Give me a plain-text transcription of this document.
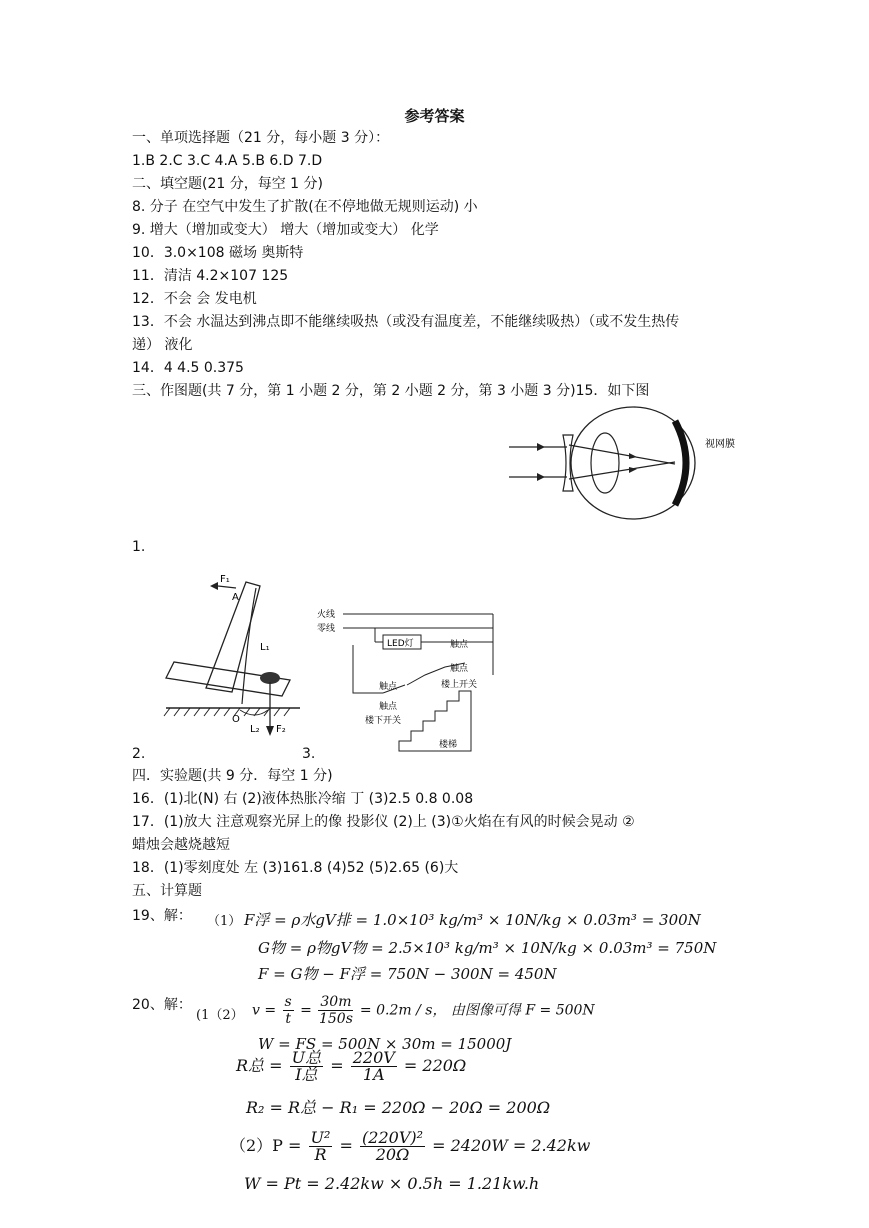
参考答案
一、单项选择题（21 分，每小题 3 分）：
1.B 2.C 3.C 4.A 5.B 6.D 7.D
二、填空题(21 分，每空 1 分)
8. 分子 在空气中发生了扩散(在不停地做无规则运动) 小
9. 增大（增加或变大） 增大（增加或变大） 化学
10．3.0×108 磁场 奥斯特
11．清洁 4.2×107 125
12．不会 会 发电机
13．不会 水温达到沸点即不能继续吸热（或没有温度差，不能继续吸热）（或不发生热传
递） 液化
14．4 4.5 0.375
三、作图题(共 7 分，第 1 小题 2 分，第 2 小题 2 分，第 3 小题 3 分)15．如下图
视网膜
1.
F₁
A
L₁
F₂
O
L₂
火线
零线
LED灯	触点
触点
触点
触点
楼上开关
楼下开关
楼梯
2.	3.
四．实验题(共 9 分．每空 1 分)
16．(1)北(N) 右 (2)液体热胀冷缩 丁 (3)2.5 0.8 0.08
17．(1)放大 注意观察光屏上的像 投影仪 (2)上 (3)①火焰在有风的时候会晃动 ②
蜡烛会越烧越短
18．(1)零刻度处 左 (3)161.8 (4)52 (5)2.65 (6)大
五、计算题
19、解： （1） F浮 = ρ水gV排 = 1.0×10³ kg/m³ × 10N/kg × 0.03m³ = 300N
G物 = ρ物gV物 = 2.5×10³ kg/m³ × 10N/kg × 0.03m³ = 750N
F = G物 − F浮 = 750N − 300N = 450N
20、解：
(1（2） $v = \frac{s}{t} = \frac{30m}{150s} = 0.2m / s$， 由图像可得 F = 500N
W = FS = 500N × 30m = 15000J
R总 = $\frac{\text{U总}}{\text{I总}} = \frac{220V}{1A} = 220\Omega$
R₂ = R总 − R₁ = 220Ω − 20Ω = 200Ω
$(2)P = \frac{\text{U²}}{R} = \frac{\text{(220V)²}}{20\Omega} = 2420W = 2.42kw$
W = Pt = 2.42kw × 0.5h = 1.21kw.h
